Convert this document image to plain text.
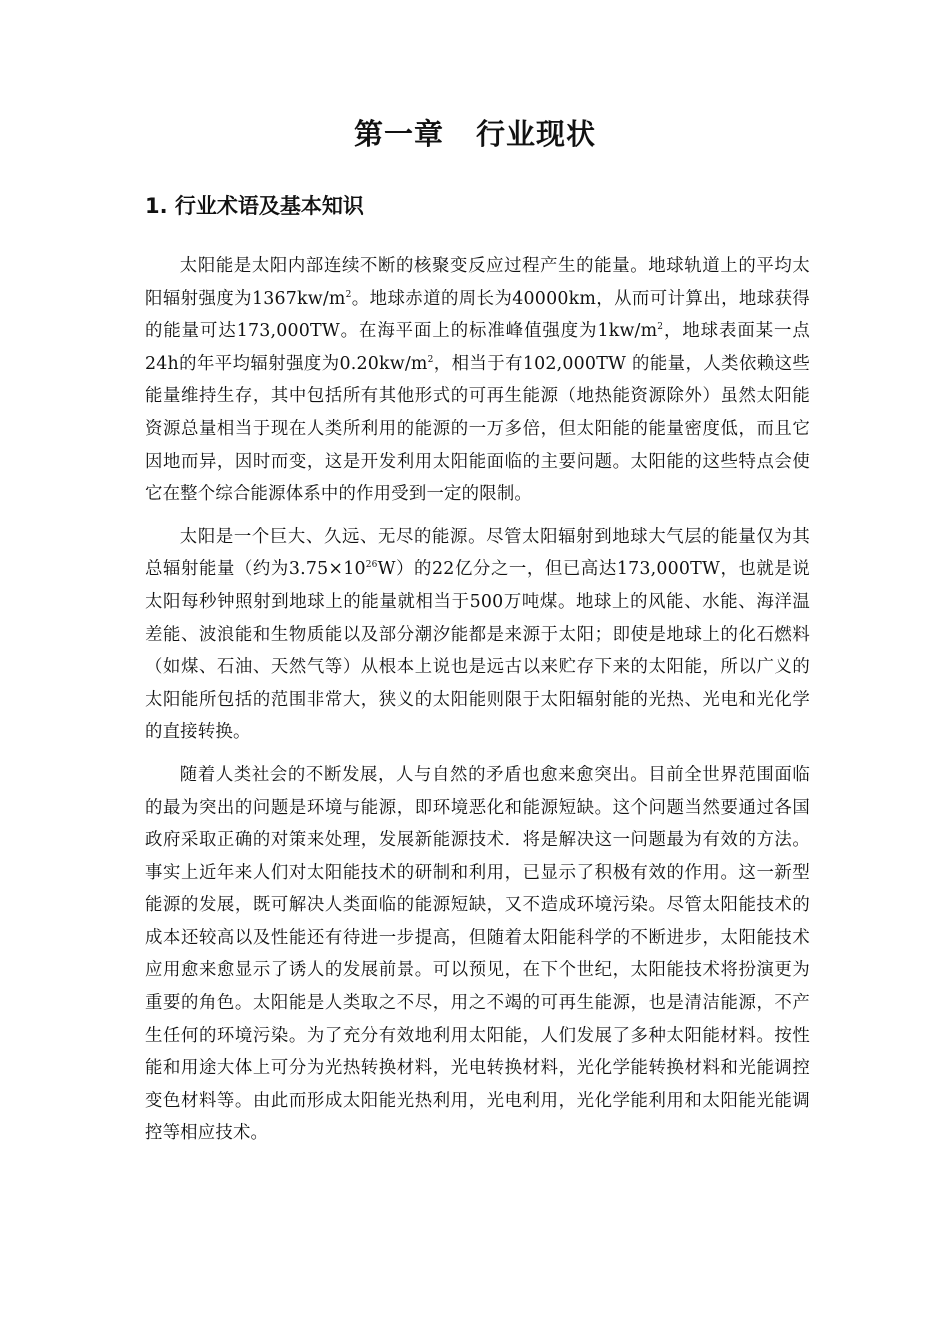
第一章 行业现状
1. 行业术语及基本知识

太阳能是太阳内部连续不断的核聚变反应过程产生的能量。地球轨道上的平均太阳辐射强度为$1367kw/m^2$。地球赤道的周长为40000km，从而可计算出，地球获得的能量可达173,000TW。在海平面上的标准峰值强度为$1kw/m^2$，地球表面某一点24h的年平均辐射强度为$0.20kw/m^2$，相当于有102,000TW 的能量，人类依赖这些能量维持生存，其中包括所有其他形式的可再生能源（地热能资源除外）虽然太阳能资源总量相当于现在人类所利用的能源的一万多倍，但太阳能的能量密度低，而且它因地而异，因时而变，这是开发利用太阳能面临的主要问题。太阳能的这些特点会使它在整个综合能源体系中的作用受到一定的限制。

太阳是一个巨大、久远、无尽的能源。尽管太阳辐射到地球大气层的能量仅为其总辐射能量（约为$3.75\times 10^{26}W$）的22亿分之一，但已高达173,000TW，也就是说太阳每秒钟照射到地球上的能量就相当于500万吨煤。地球上的风能、水能、海洋温差能、波浪能和生物质能以及部分潮汐能都是来源于太阳；即使是地球上的化石燃料（如煤、石油、天然气等）从根本上说也是远古以来贮存下来的太阳能，所以广义的太阳能所包括的范围非常大，狭义的太阳能则限于太阳辐射能的光热、光电和光化学的直接转换。

随着人类社会的不断发展，人与自然的矛盾也愈来愈突出。目前全世界范围面临的最为突出的问题是环境与能源，即环境恶化和能源短缺。这个问题当然要通过各国政府采取正确的对策来处理，发展新能源技术．将是解决这一问题最为有效的方法。事实上近年来人们对太阳能技术的研制和利用，已显示了积极有效的作用。这一新型能源的发展，既可解决人类面临的能源短缺，又不造成环境污染。尽管太阳能技术的成本还较高以及性能还有待进一步提高，但随着太阳能科学的不断进步，太阳能技术应用愈来愈显示了诱人的发展前景。可以预见，在下个世纪，太阳能技术将扮演更为重要的角色。太阳能是人类取之不尽，用之不竭的可再生能源，也是清洁能源，不产生任何的环境污染。为了充分有效地利用太阳能，人们发展了多种太阳能材料。按性能和用途大体上可分为光热转换材料，光电转换材料，光化学能转换材料和光能调控变色材料等。由此而形成太阳能光热利用，光电利用，光化学能利用和太阳能光能调控等相应技术。
